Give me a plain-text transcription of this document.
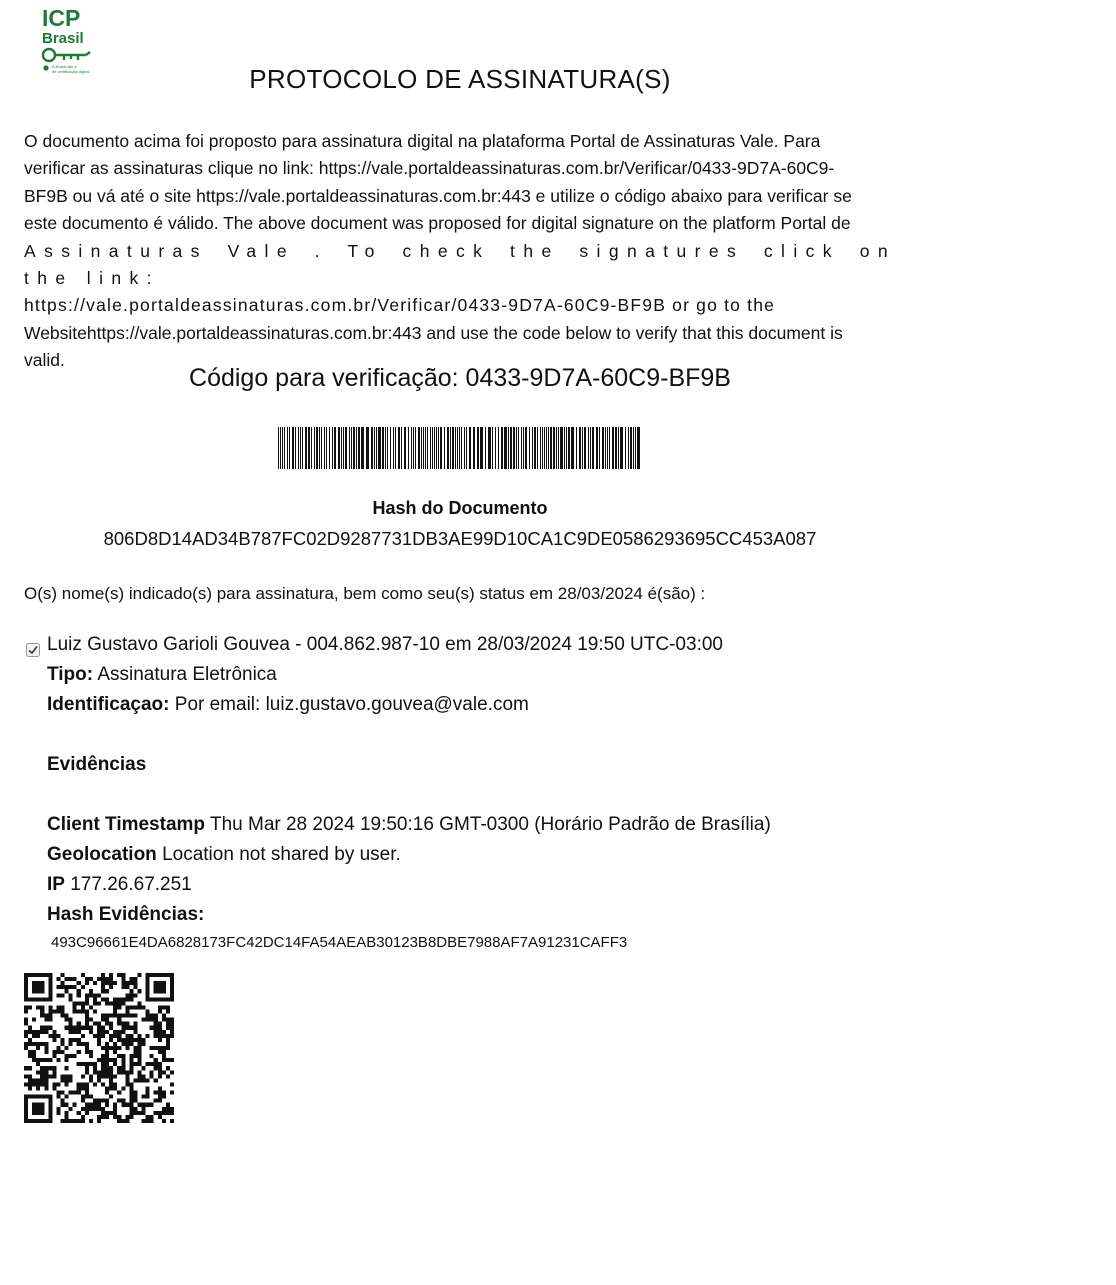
ICP
Brasil
A Brasil não é
de certificação digital	PROTOCOLO DE ASSINATURA(S)
O documento acima foi proposto para assinatura digital na plataforma Portal de Assinaturas Vale. Para
verificar as assinaturas clique no link: https://vale.portaldeassinaturas.com.br/Verificar/0433-9D7A-60C9-
BF9B ou vá até o site https://vale.portaldeassinaturas.com.br:443 e utilize o código abaixo para verificar se
este documento é válido. The above document was proposed for digital signature on the platform Portal de
Assinaturas Vale . To check the signatures click on the link:
https://vale.portaldeassinaturas.com.br/Verificar/0433-9D7A-60C9-BF9B or go to the
Websitehttps://vale.portaldeassinaturas.com.br:443 and use the code below to verify that this document is
valid.
Código para verificação: 0433-9D7A-60C9-BF9B
Hash do Documento
806D8D14AD34B787FC02D9287731DB3AE99D10CA1C9DE0586293695CC453A087
O(s) nome(s) indicado(s) para assinatura, bem como seu(s) status em 28/03/2024 é(são) :
Luiz Gustavo Garioli Gouvea - 004.862.987-10 em 28/03/2024 19:50 UTC-03:00
Tipo: Assinatura Eletrônica
Identificaçao: Por email: luiz.gustavo.gouvea@vale.com
Evidências
Client Timestamp Thu Mar 28 2024 19:50:16 GMT-0300 (Horário Padrão de Brasília)
Geolocation Location not shared by user.
IP 177.26.67.251
Hash Evidências:
493C96661E4DA6828173FC42DC14FA54AEAB30123B8DBE7988AF7A91231CAFF3
